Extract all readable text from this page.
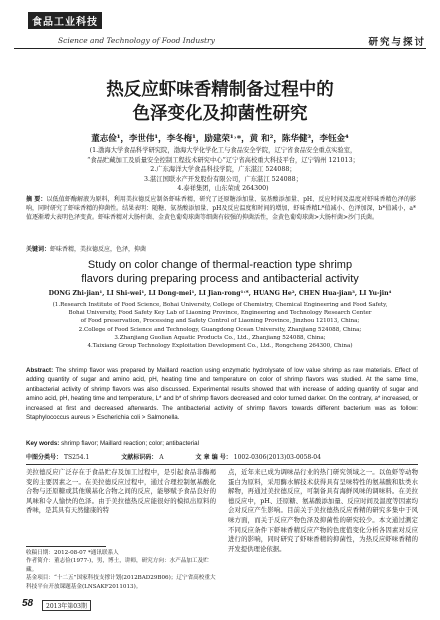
食品工业科技
Science and Technology of Food Industry	研究与探讨
热反应虾味香精制备过程中的
色泽变化及抑菌性研究
董志俭¹，李世伟¹，李冬梅¹，励建荣¹˒*，黄 和²，陈华健³，李钰金⁴
(1.渤海大学食品科学研究院，渤海大学化学化工与食品安全学院，辽宁省食品安全重点实验室，
“食品贮藏加工及质量安全控制工程技术研究中心”辽宁省高校重大科技平台，辽宁锦州 121013；
2.广东海洋大学食品科技学院，广东湛江 524088；
3.湛江国联水产开发股份有限公司，广东湛江 524088；
4.泰祥集团，山东荣成 264300)
摘 要：以低值虾酶解液为原料，利用美拉德反应制备虾味香精，研究了还原糖添加量、氨基酸添加量、pH、反应时间及温度对虾味香精色泽的影响，同时研究了虾味香精的抑菌性。结果表明：随糖、氨基酸添加量、pH及反应温度和时间的增加，虾味香精L*值减小、色泽加深，b*值减小，a*值逐渐增大表明色泽变黄。虾味香精对大肠杆菌、金黄色葡萄球菌等细菌有较强的抑菌活性，金黄色葡萄球菌>大肠杆菌>沙门氏菌。
关键词：虾味香精，美拉德反应，色泽，抑菌
Study on color change of thermal-reaction type shrimp
flavors during preparing process and antibacterial activity
DONG Zhi-jian¹, LI Shi-wei¹, LI Dong-mei¹, LI Jian-rong¹˒*, HUANG He², CHEN Hua-jian³, LI Yu-jin⁴
(1.Research Institute of Food Science, Bohai University, College of Chemistry, Chemical Engineering and Food Safety,
Bohai University, Food Safety Key Lab of Liaoning Province, Engineering and Technology Research Center
of Food preservation, Processing and Safety Control of Liaoning Province, Jinzhou 121013, China;
2.College of Food Science and Technology, Guangdong Ocean University, Zhanjiang 524088, China;
3.Zhanjiang Guolian Aquatic Products Co., Ltd., Zhanjiang 524088, China;
4.Taixiang Group Technology Exploitation Development Co., Ltd., Rongcheng 264300, China)
Abstract: The shrimp flavor was prepared by Maillard reaction using enzymatic hydrolysate of low value shrimp as raw materials. Effect of adding quantity of sugar and amino acid, pH, heating time and temperature on color of shrimp flavors was studied. At the same time, antibacterial activity of shrimp flavors was also discussed. Experimental results showed that with increase of adding quantity of sugar and amino acid, pH, heating time and temperature, L* and b* of shrimp flavors decreased and color turned darker. On the contrary, a* increased, or increased at first and decreased afterwards. The antibacterial activity of shrimp flavors towards different bacterium was as follow: Staphylococcus aureus > Escherichia coli > Salmonella.
Key words: shrimp flavor; Maillard reaction; color; antibacterial
中图分类号： TS254.1	文献标识码： A	文 章 编 号： 1002-0306(2013)03-0058-04
美拉德反应广泛存在于食品贮存及加工过程中，是引起食品非酶褐变的主要因素之一。在美拉德反应过程中，通过合理控制氨基酸化合物与还原糖或其他羰基化合物之间的反应，能够赋予食品良好的风味和令人愉快的色泽。由于美拉德热反应能很好的模拟出原料的香味，是其具有天然健康的特
点，近年来已成为调味品行业的热门研究领域之一。以鱼虾等动物蛋白为原料，采用酶水解技术获得具有呈味特性的氨基酸和肽类水解物，再通过美拉德反应，可制备具有海鲜风味的调味料。在美拉德反应中，pH、还原糖、氨基酸添加量、反应时间及温度等因素均会对反应产生影响。目前关于美拉德热反应香精的研究多集中于风味方面，而关于反应产物色泽及抑菌性的研究较少。本文通过测定不同反应条件下虾味香精反应产物的色度值变化分析各因素对反应进行的影响，同时研究了虾味香精的抑菌性，为热反应虾味香精的开发提供理论依据。
收稿日期：2012-08-07 *通讯联系人
作者简介：董志俭(1977-)，男，博士，讲师，研究方向：水产品加工及贮藏。
基金项目：“十二五”国家科技支撑计划(2012BAD29B06)；辽宁省高校重大科技平台开放课题基金(LNSAKF2011013)。
58	2013年第03期
